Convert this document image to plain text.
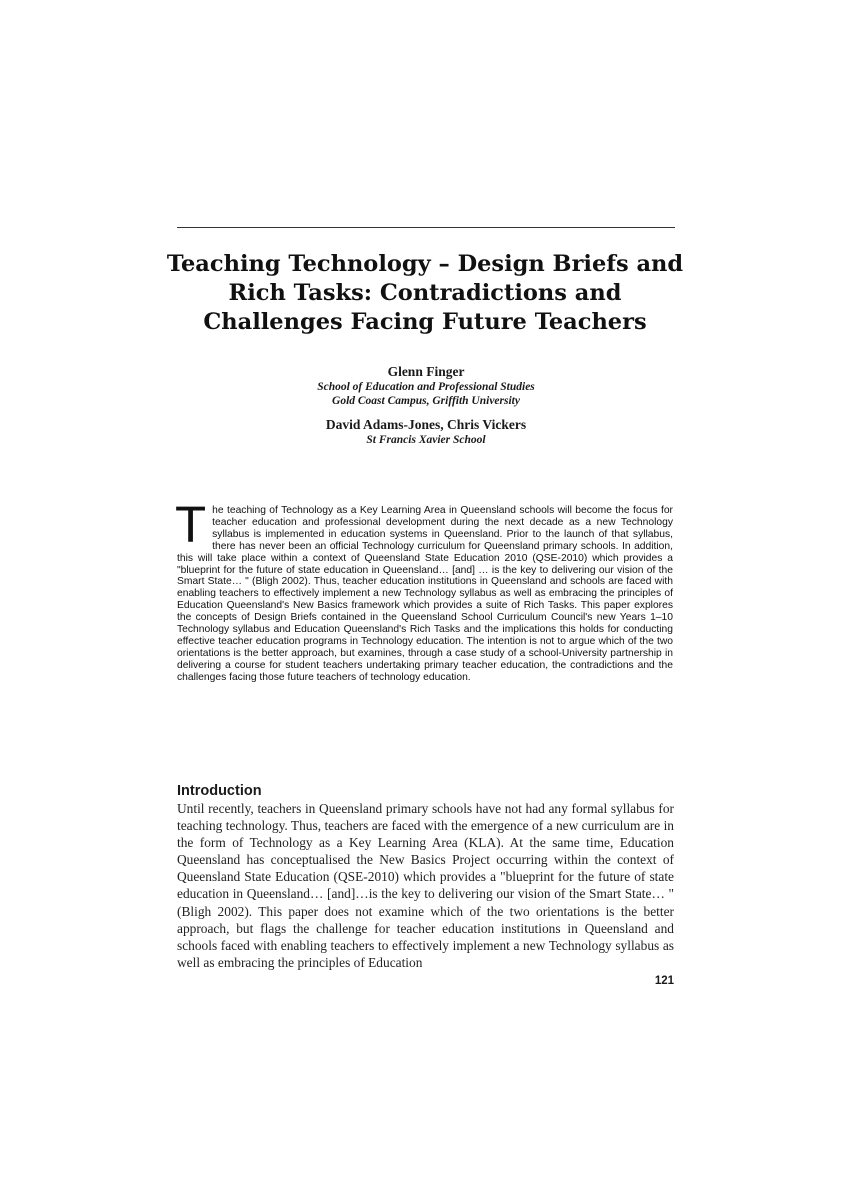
Teaching Technology – Design Briefs and Rich Tasks: Contradictions and Challenges Facing Future Teachers
Glenn Finger
School of Education and Professional Studies
Gold Coast Campus, Griffith University
David Adams-Jones, Chris Vickers
St Francis Xavier School

The teaching of Technology as a Key Learning Area in Queensland schools will become the focus for teacher education and professional development during the next decade as a new Technology syllabus is implemented in education systems in Queensland. Prior to the launch of that syllabus, there has never been an official Technology curriculum for Queensland primary schools. In addition, this will take place within a context of Queensland State Education 2010 (QSE-2010) which provides a "blueprint for the future of state education in Queensland… [and] … is the key to delivering our vision of the Smart State… " (Bligh 2002). Thus, teacher education institutions in Queensland and schools are faced with enabling teachers to effectively implement a new Technology syllabus as well as embracing the principles of Education Queensland's New Basics framework which provides a suite of Rich Tasks. This paper explores the concepts of Design Briefs contained in the Queensland School Curriculum Council's new Years 1–10 Technology syllabus and Education Queensland's Rich Tasks and the implications this holds for conducting effective teacher education programs in Technology education. The intention is not to argue which of the two orientations is the better approach, but examines, through a case study of a school-University partnership in delivering a course for student teachers undertaking primary teacher education, the contradictions and the challenges facing those future teachers of technology education.

Introduction

Until recently, teachers in Queensland primary schools have not had any formal syllabus for teaching technology. Thus, teachers are faced with the emergence of a new curriculum are in the form of Technology as a Key Learning Area (KLA). At the same time, Education Queensland has conceptualised the New Basics Project occurring within the context of Queensland State Education (QSE-2010) which provides a "blueprint for the future of state education in Queensland… [and]…is the key to delivering our vision of the Smart State… " (Bligh 2002). This paper does not examine which of the two orientations is the better approach, but flags the challenge for teacher education institutions in Queensland and schools faced with enabling teachers to effectively implement a new Technology syllabus as well as embracing the principles of Education

121
